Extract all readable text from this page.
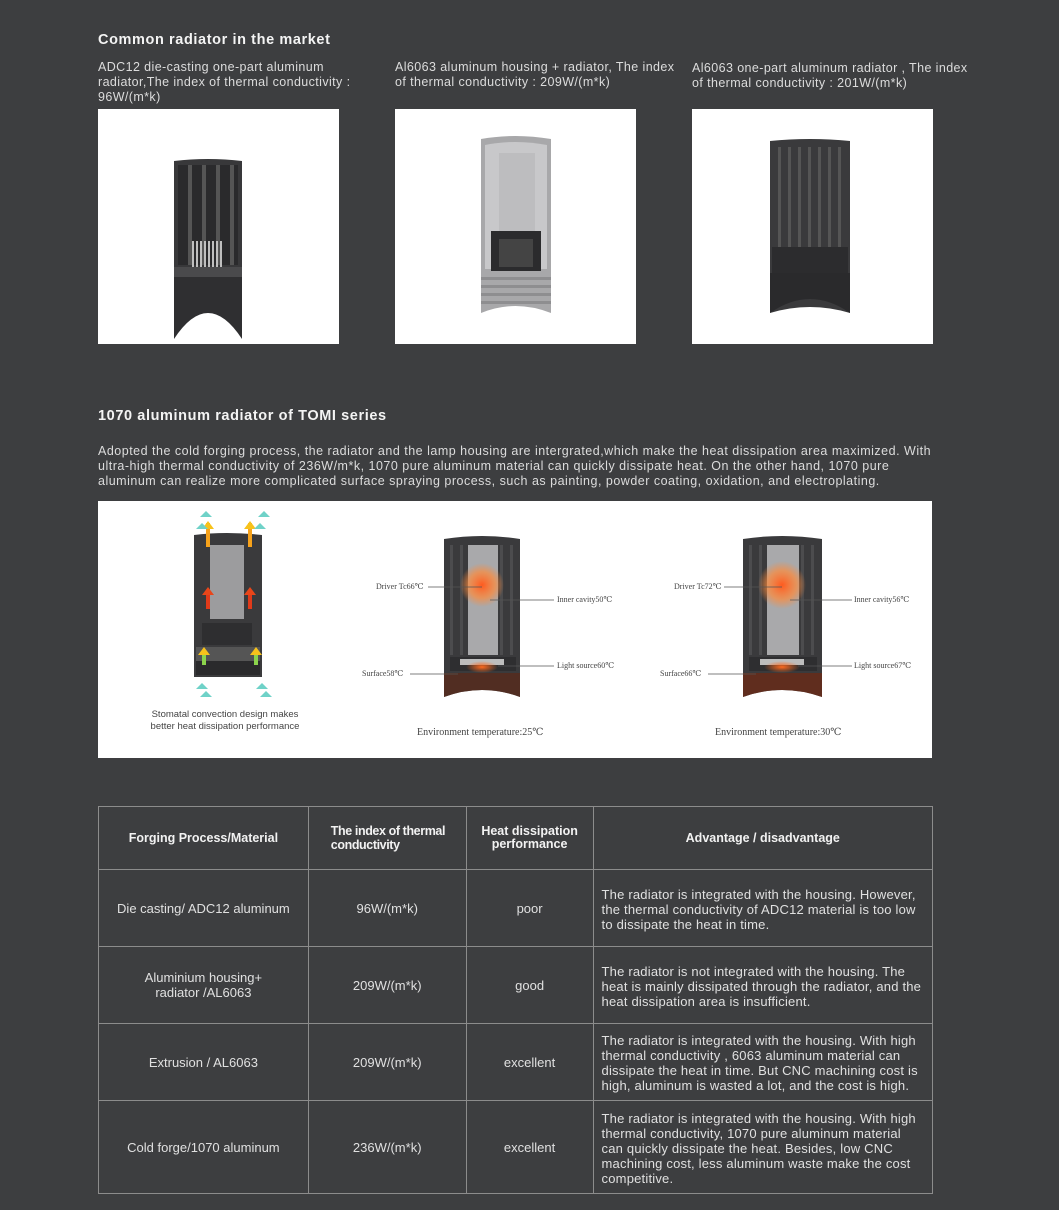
Common radiator in the market
ADC12 die-casting one-part aluminum radiator,The index of thermal conductivity : 96W/(m*k)
Al6063 aluminum housing + radiator, The index of thermal conductivity : 209W/(m*k)
Al6063 one-part aluminum radiator , The index of thermal conductivity : 201W/(m*k)
1070 aluminum radiator of TOMI series
Adopted the cold forging process, the radiator and the lamp housing are intergrated,which make the heat dissipation area maximized. With ultra-high thermal conductivity of 236W/m*k, 1070 pure aluminum material can quickly dissipate heat. On the other hand, 1070 pure aluminum can realize more complicated surface spraying process, such as painting, powder coating, oxidation, and electroplating.
Driver Tc66℃
Inner cavity50℃
Light source60℃
Surface58℃
Environment temperature:25℃
Driver Tc72℃
Inner cavity56℃
Light source67℃
Surface66℃
Environment temperature:30℃
Stomatal convection design makes better heat dissipation performance
Forging Process/Material	The index of thermal conductivity	Heat dissipation performance	Advantage / disadvantage
Die casting/ ADC12 aluminum	96W/(m*k)	poor	The radiator is integrated with the housing. However, the thermal conductivity of ADC12 material is too low to dissipate the heat in time.
Aluminium housing+ radiator /AL6063	209W/(m*k)	good	The radiator is not integrated with the housing. The heat is mainly dissipated through the radiator, and the heat dissipation area is insufficient.
Extrusion / AL6063	209W/(m*k)	excellent	The radiator is integrated with the housing. With high thermal conductivity , 6063 aluminum material can dissipate the heat in time. But CNC machining cost is high, aluminum is wasted a lot, and the cost is high.
Cold forge/1070 aluminum	236W/(m*k)	excellent	The radiator is integrated with the housing. With high thermal conductivity, 1070 pure aluminum material can quickly dissipate the heat. Besides, low CNC machining cost, less aluminum waste make the cost competitive.
